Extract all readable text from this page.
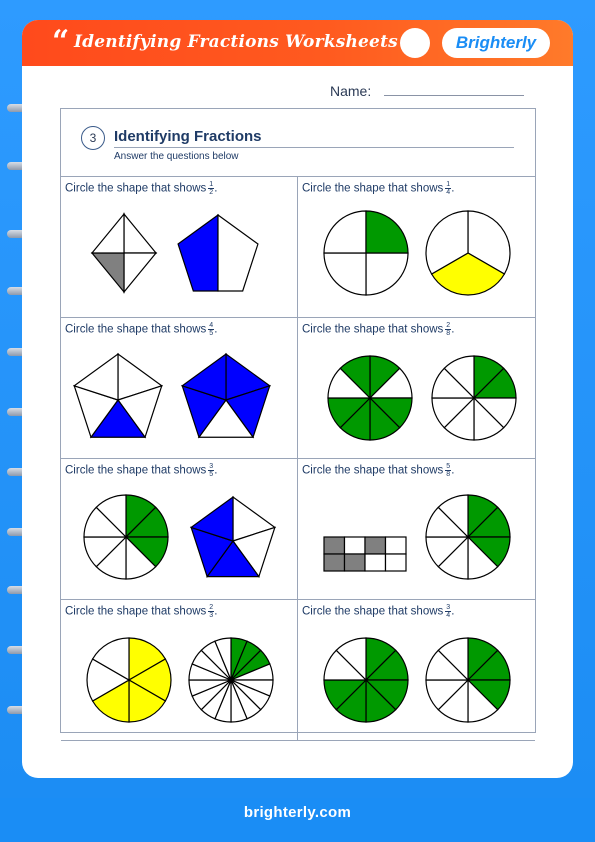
“ Identifying Fractions Worksheets	Brighterly
Name:
3	Identifying Fractions
Answer the questions below
Circle the shape that shows $\frac{1}{2}$ .	Circle the shape that shows $\frac{1}{4}$ .
Circle the shape that shows $\frac{4}{5}$ .	Circle the shape that shows $\frac{2}{8}$ .
Circle the shape that shows $\frac{3}{5}$ .	Circle the shape that shows $\frac{5}{8}$ .
Circle the shape that shows $\frac{2}{3}$ .	Circle the shape that shows $\frac{3}{4}$ .
brighterly.com
